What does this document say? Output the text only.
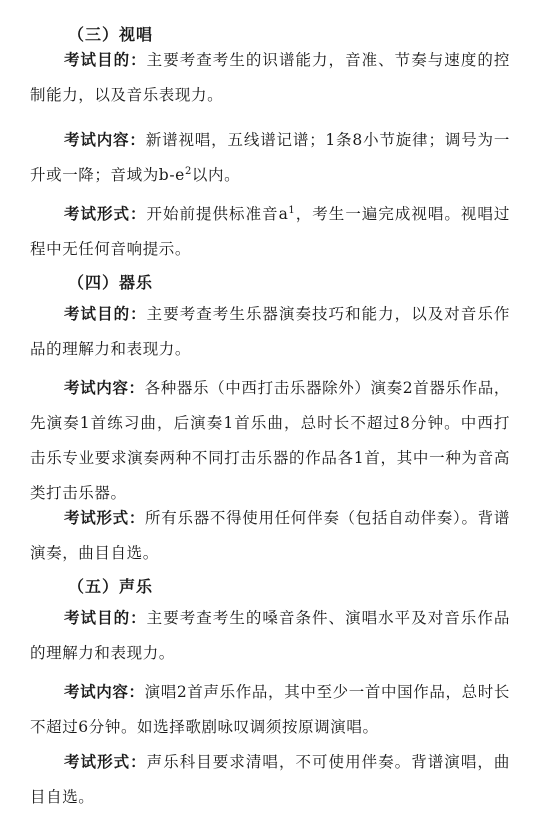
（三）视唱

考试目的：主要考查考生的识谱能力，音准、节奏与速度的控制能力，以及音乐表现力。

考试内容：新谱视唱，五线谱记谱；1条8小节旋律；调号为一升或一降；音域为$b-e^2$以内。

考试形式：开始前提供标准音$a^1$，考生一遍完成视唱。视唱过程中无任何音响提示。

（四）器乐

考试目的：主要考查考生乐器演奏技巧和能力，以及对音乐作品的理解力和表现力。

考试内容：各种器乐（中西打击乐器除外）演奏2首器乐作品，先演奏1首练习曲，后演奏1首乐曲，总时长不超过8分钟。中西打击乐专业要求演奏两种不同打击乐器的作品各1首，其中一种为音高类打击乐器。

考试形式：所有乐器不得使用任何伴奏（包括自动伴奏）。背谱演奏，曲目自选。

（五）声乐

考试目的：主要考查考生的嗓音条件、演唱水平及对音乐作品的理解力和表现力。

考试内容：演唱2首声乐作品，其中至少一首中国作品，总时长不超过6分钟。如选择歌剧咏叹调须按原调演唱。

考试形式：声乐科目要求清唱，不可使用伴奏。背谱演唱，曲目自选。
